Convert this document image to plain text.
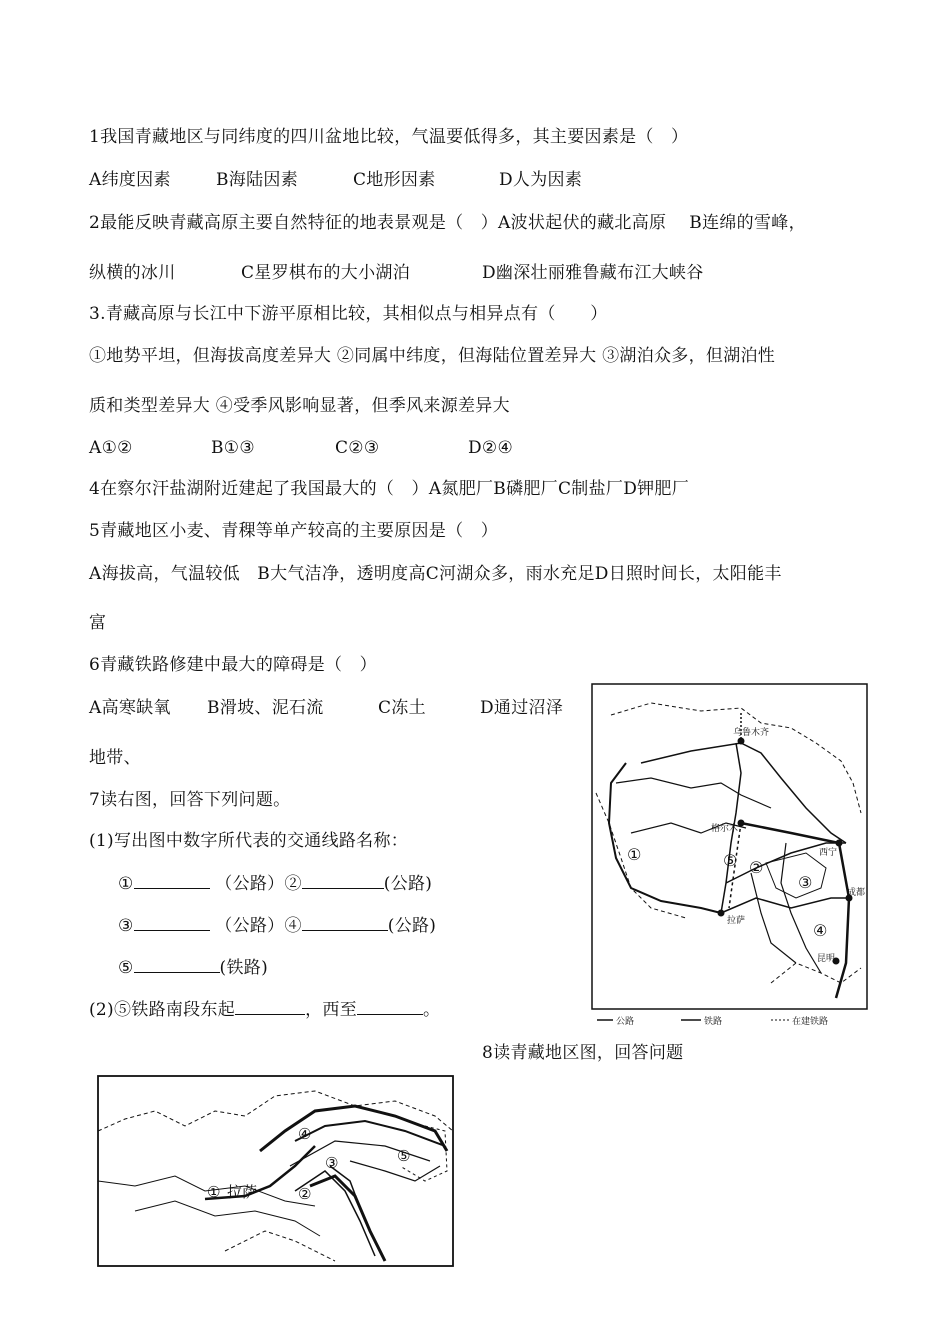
1我国青藏地区与同纬度的四川盆地比较，气温要低得多，其主要因素是（　）
A纬度因素	B海陆因素	C地形因素	D人为因素
2最能反映青藏高原主要自然特征的地表景观是（　）A波状起伏的藏北高原　 B连绵的雪峰，
纵横的冰川	C星罗棋布的大小湖泊	D幽深壮丽雅鲁藏布江大峡谷
3.青藏高原与长江中下游平原相比较，其相似点与相异点有（　　）
①地势平坦，但海拔高度差异大 ②同属中纬度，但海陆位置差异大 ③湖泊众多，但湖泊性
质和类型差异大 ④受季风影响显著，但季风来源差异大
A①②	B①③	C②③	D②④
4在察尔汗盐湖附近建起了我国最大的（　）A氮肥厂B磷肥厂C制盐厂D钾肥厂
5青藏地区小麦、青稞等单产较高的主要原因是（　）
A海拔高，气温较低　B大气洁净，透明度高C河湖众多，雨水充足D日照时间长，太阳能丰
富
6青藏铁路修建中最大的障碍是（　）
A高寒缺氧 B滑坡、泥石流	C冻土	D通过沼泽
地带、
7读右图，回答下列问题。
(1)写出图中数字所代表的交通线路名称：
①	（公路）②	(公路)
③	（公路）④	(公路)
⑤	(铁路)
(2)⑤铁路南段东起	，西至	。
8读青藏地区图，回答问题
乌鲁木齐
格尔木
西宁
成都
拉萨
昆明
①
②
③
④
⑤
公路	铁路	在建铁路
①	②
③
④
⑤
拉萨
